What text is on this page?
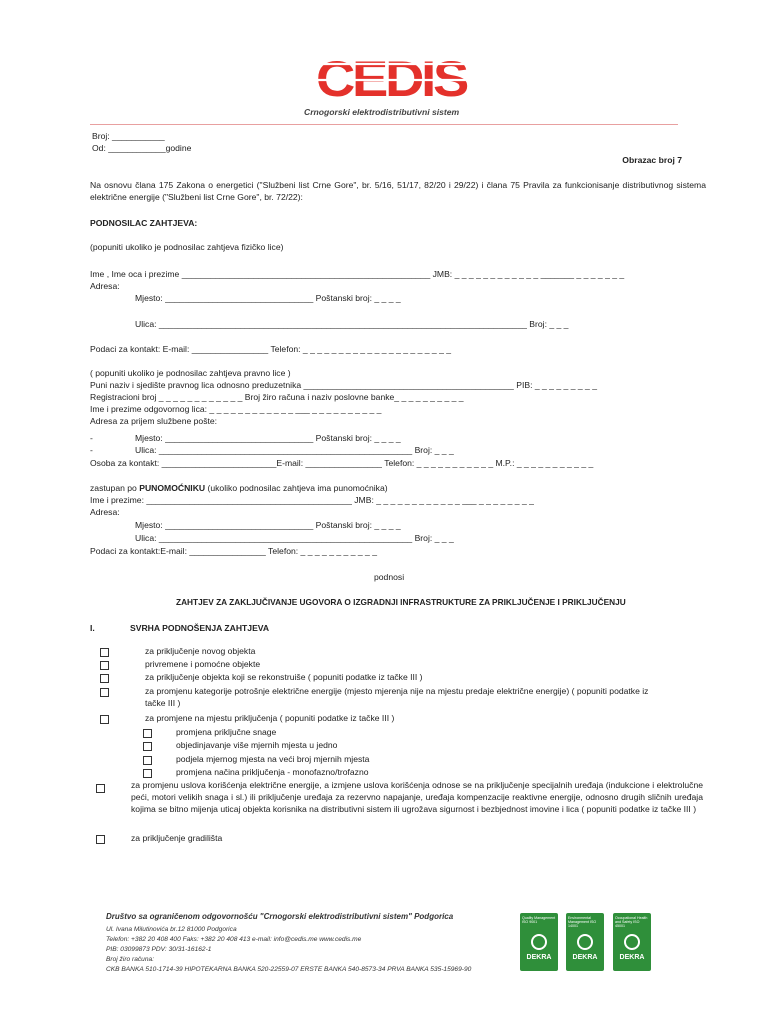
CEDIS
Crnogorski elektrodistributivni sistem
Broj: ___________
Od: ____________godine
Obrazac broj 7
Na osnovu člana 175 Zakona o energetici ("Službeni list Crne Gore", br. 5/16, 51/17, 82/20 i 29/22) i člana 75 Pravila za funkcionisanje distributivnog sistema električne energije ("Službeni list Crne Gore", br. 72/22):
PODNOSILAC ZAHTJEVA:
(popuniti ukoliko je podnosilac zahtjeva fizičko lice)
Ime , Ime oca i prezime ____________________________________________________ JMB: _ _ _ _ _ _ _ _ _ _ _ _ _______ _ _ _ _ _ _ _
Adresa:
Mjesto: _______________________________ Poštanski broj: _ _ _ _
Ulica: _____________________________________________________________________________ Broj: _ _ _
Podaci za kontakt: E-mail: ________________ Telefon: _ _ _ _ _ _ _ _ _ _ _ _ _ _ _ _ _ _ _ _ _
( popuniti ukoliko je podnosilac zahtjeva pravno lice )
Puni naziv i sjedište pravnog lica odnosno preduzetnika ____________________________________________ PIB: _ _ _ _ _ _ _ _ _
Registracioni broj _ _ _ _ _ _ _ _ _ _ _ _ Broj žiro računa i naziv poslovne banke_ _ _ _ _ _ _ _ _ _
Ime i prezime odgovornog lica: _ _ _ _ _ _ _ _ _ _ _ _ ___ _ _ _ _ _ _ _ _ _ _
Adresa za prijem službene pošte:
-	Mjesto: _______________________________ Poštanski broj: _ _ _ _
-	Ulica: _____________________________________________________ Broj: _ _ _
Osoba za kontakt: ________________________E-mail: ________________ Telefon: _ _ _ _ _ _ _ _ _ _ _ M.P.: _ _ _ _ _ _ _ _ _ _ _
zastupan po PUNOMOĆNIKU (ukoliko podnosilac zahtjeva ima punomoćnika)
Ime i prezime: ___________________________________________ JMB: _ _ _ _ _ _ _ _ _ _ _ _ ___ _ _ _ _ _ _ _ _
Adresa:
Mjesto: _______________________________ Poštanski broj: _ _ _ _
Ulica: _____________________________________________________ Broj: _ _ _
Podaci za kontakt:E-mail: ________________ Telefon: _ _ _ _ _ _ _ _ _ _ _
podnosi
ZAHTJEV ZA ZAKLJUČIVANJE UGOVORA O IZGRADNJI INFRASTRUKTURE ZA PRIKLJUČENJE I PRIKLJUČENJU
I.	SVRHA PODNOŠENJA ZAHTJEVA
za priključenje novog objekta
privremene i pomoćne objekte
za priključenje objekta koji se rekonstruiše ( popuniti podatke iz tačke III )
za promjenu kategorije potrošnje električne energije (mjesto mjerenja nije na mjestu predaje električne energije) ( popuniti podatke iz
tačke III )
za promjene na mjestu priključenja ( popuniti podatke iz tačke III )
promjena priključne snage
objedinjavanje više mjernih mjesta u jedno
podjela mjernog mjesta na veći broj mjernih mjesta
promjena načina priključenja - monofazno/trofazno
za promjenu uslova korišćenja električne energije, a izmjene uslova korišćenja odnose se na priključenje specijalnih uređaja (indukcione i elektrolučne peći, motori velikih snaga i sl.) ili priključenje uređaja za rezervno napajanje, uređaja kompenzacije reaktivne energije, odnosno drugih sličnih uređaja kojima se bitno mijenja uticaj objekta korisnika na distributivni sistem ili ugrožava sigurnost i bezbjednost imovine i lica ( popuniti podatke iz tačke III )
za priključenje gradilišta
Društvo sa ograničenom odgovornošću "Crnogorski elektrodistributivni sistem" Podgorica
Ul. Ivana Milutinovića br.12 81000 Podgorica
Telefon: +382 20 408 400 Faks: +382 20 408 413 e-mail: info@cedis.me www.cedis.me
PIB: 03099873 PDV: 30/31-16162-1
Broj žiro računa:
CKB BANKA 510-1714-39 HIPOTEKARNA BANKA 520-22559-07 ERSTE BANKA 540-8573-34 PRVA BANKA 535-15969-90
Quality Management ISO 9001
DEKRA
Environmental Management ISO 14001
DEKRA
Occupational Health and Safety ISO 45001
DEKRA
